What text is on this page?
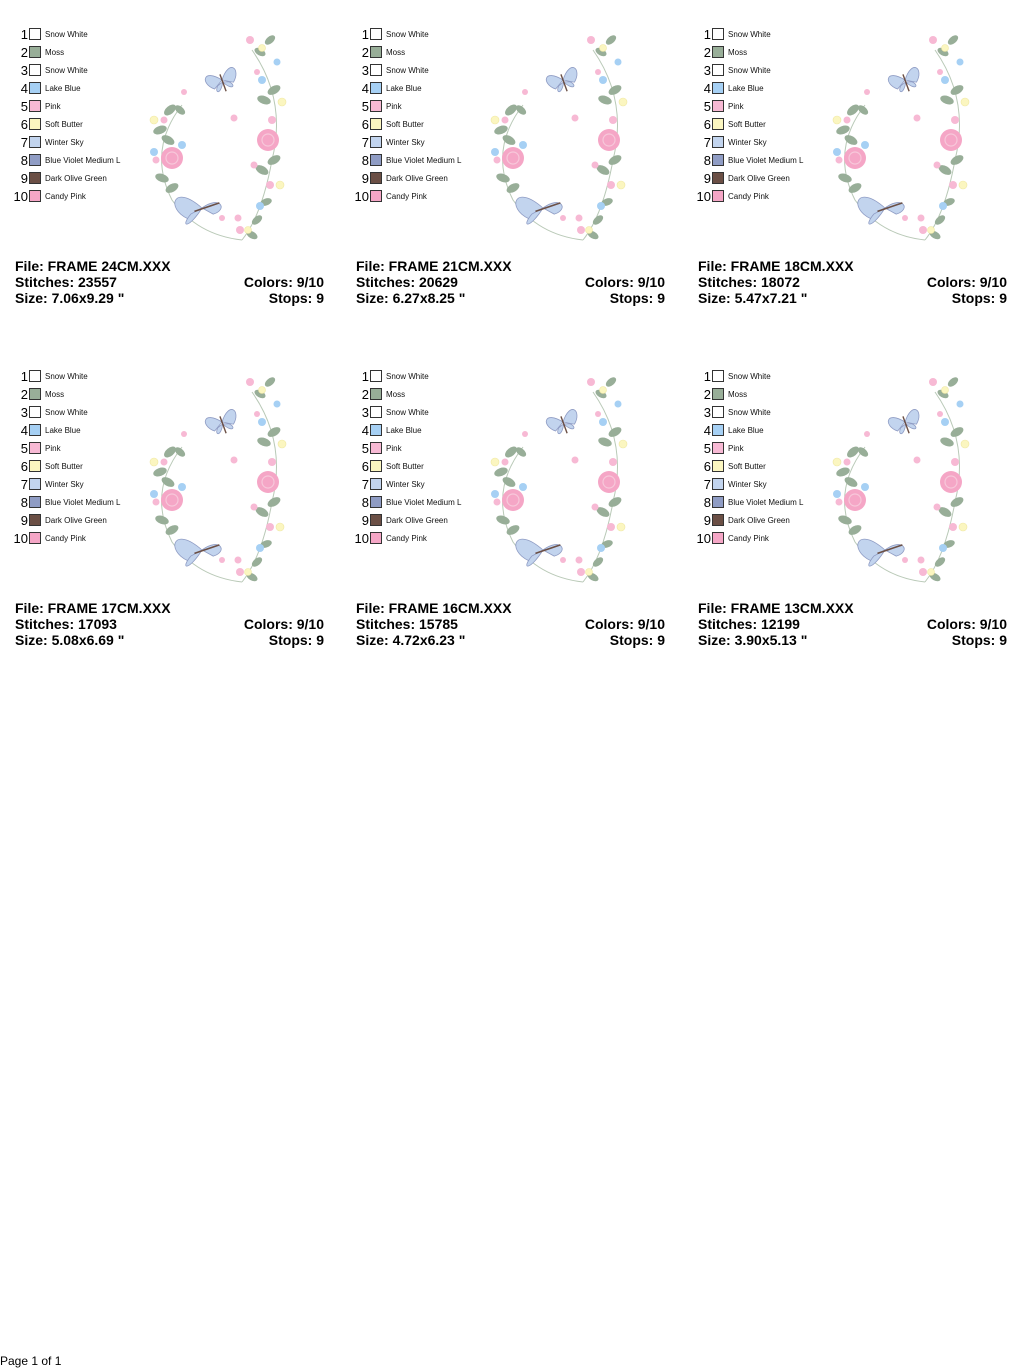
1 Snow White
2 Moss
3 Snow White
4 Lake Blue
5 Pink
6 Soft Butter
7 Winter Sky
8 Blue Violet Medium L
9 Dark Olive Green
10 Candy Pink
File: FRAME 24CM.XXX
Stitches: 23557
Size: 7.06x9.29 "
Colors: 9/10
Stops: 9
1 Snow White
2 Moss
3 Snow White
4 Lake Blue
5 Pink
6 Soft Butter
7 Winter Sky
8 Blue Violet Medium L
9 Dark Olive Green
10 Candy Pink
File: FRAME 21CM.XXX
Stitches: 20629
Size: 6.27x8.25 "
Colors: 9/10
Stops: 9
1 Snow White
2 Moss
3 Snow White
4 Lake Blue
5 Pink
6 Soft Butter
7 Winter Sky
8 Blue Violet Medium L
9 Dark Olive Green
10 Candy Pink
File: FRAME 18CM.XXX
Stitches: 18072
Size: 5.47x7.21 "
Colors: 9/10
Stops: 9
1 Snow White
2 Moss
3 Snow White
4 Lake Blue
5 Pink
6 Soft Butter
7 Winter Sky
8 Blue Violet Medium L
9 Dark Olive Green
10 Candy Pink
File: FRAME 17CM.XXX
Stitches: 17093
Size: 5.08x6.69 "
Colors: 9/10
Stops: 9
1 Snow White
2 Moss
3 Snow White
4 Lake Blue
5 Pink
6 Soft Butter
7 Winter Sky
8 Blue Violet Medium L
9 Dark Olive Green
10 Candy Pink
File: FRAME 16CM.XXX
Stitches: 15785
Size: 4.72x6.23 "
Colors: 9/10
Stops: 9
1 Snow White
2 Moss
3 Snow White
4 Lake Blue
5 Pink
6 Soft Butter
7 Winter Sky
8 Blue Violet Medium L
9 Dark Olive Green
10 Candy Pink
File: FRAME 13CM.XXX
Stitches: 12199
Size: 3.90x5.13 "
Colors: 9/10
Stops: 9
Page 1 of 1
